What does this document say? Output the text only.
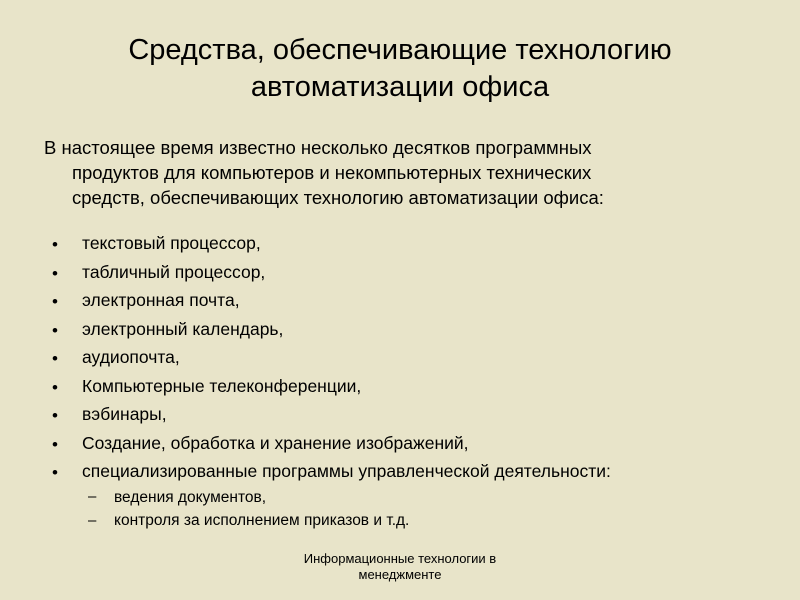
Средства, обеспечивающие технологию автоматизации офиса
В настоящее время известно несколько десятков программных
продуктов для компьютеров и некомпьютерных технических
средств, обеспечивающих технологию автоматизации офиса:
• текстовый процессор,
• табличный процессор,
• электронная почта,
• электронный календарь,
• аудиопочта,
• Компьютерные телеконференции,
• вэбинары,
• Создание, обработка и хранение изображений,
• специализированные программы управленческой деятельности:
– ведения документов,
– контроля за исполнением приказов и т.д.
Информационные технологии в
менеджменте
